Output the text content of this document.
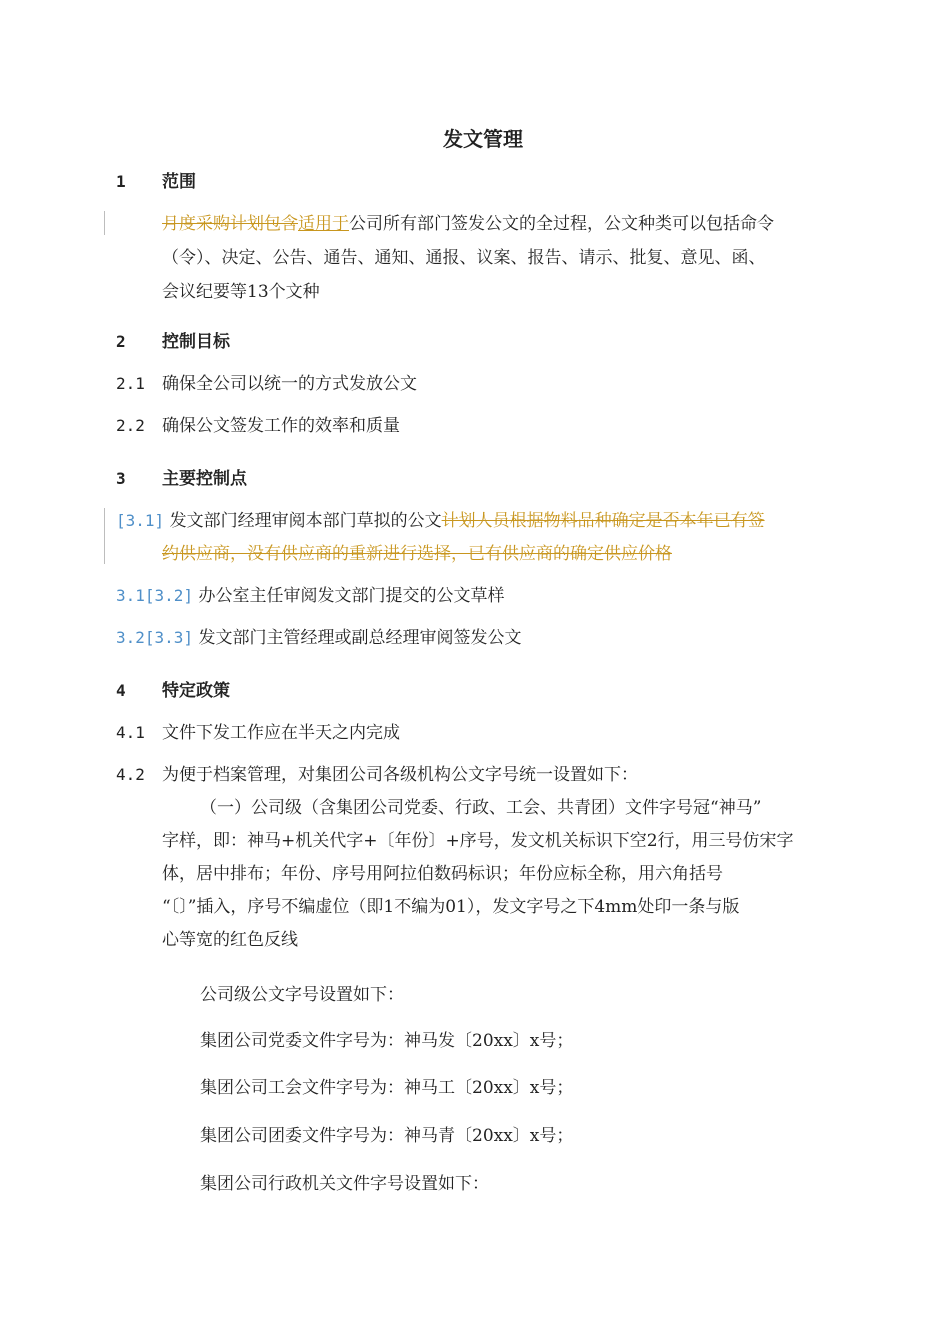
发文管理
1 范围
月度采购计划包含适用于公司所有部门签发公文的全过程，公文种类可以包括命令
（令）、决定、公告、通告、通知、通报、议案、报告、请示、批复、意见、函、
会议纪要等13个文种
2 控制目标
2.1 确保全公司以统一的方式发放公文
2.2 确保公文签发工作的效率和质量
3 主要控制点
[3.1] 发文部门经理审阅本部门草拟的公文计划人员根据物料品种确定是否本年已有签
约供应商，没有供应商的重新进行选择，已有供应商的确定供应价格
3.1[3.2] 办公室主任审阅发文部门提交的公文草样
3.2[3.3] 发文部门主管经理或副总经理审阅签发公文
4 特定政策
4.1 文件下发工作应在半天之内完成
4.2 为便于档案管理，对集团公司各级机构公文字号统一设置如下：
（一）公司级（含集团公司党委、行政、工会、共青团）文件字号冠“神马”
字样，即：神马+机关代字+〔年份〕+序号，发文机关标识下空2行，用三号仿宋字
体，居中排布；年份、序号用阿拉伯数码标识；年份应标全称，用六角括号
“〔〕”插入，序号不编虚位（即1不编为01），发文字号之下4mm处印一条与版
心等宽的红色反线
公司级公文字号设置如下：
集团公司党委文件字号为：神马发〔20xx〕x号；
集团公司工会文件字号为：神马工〔20xx〕x号；
集团公司团委文件字号为：神马青〔20xx〕x号；
集团公司行政机关文件字号设置如下：
